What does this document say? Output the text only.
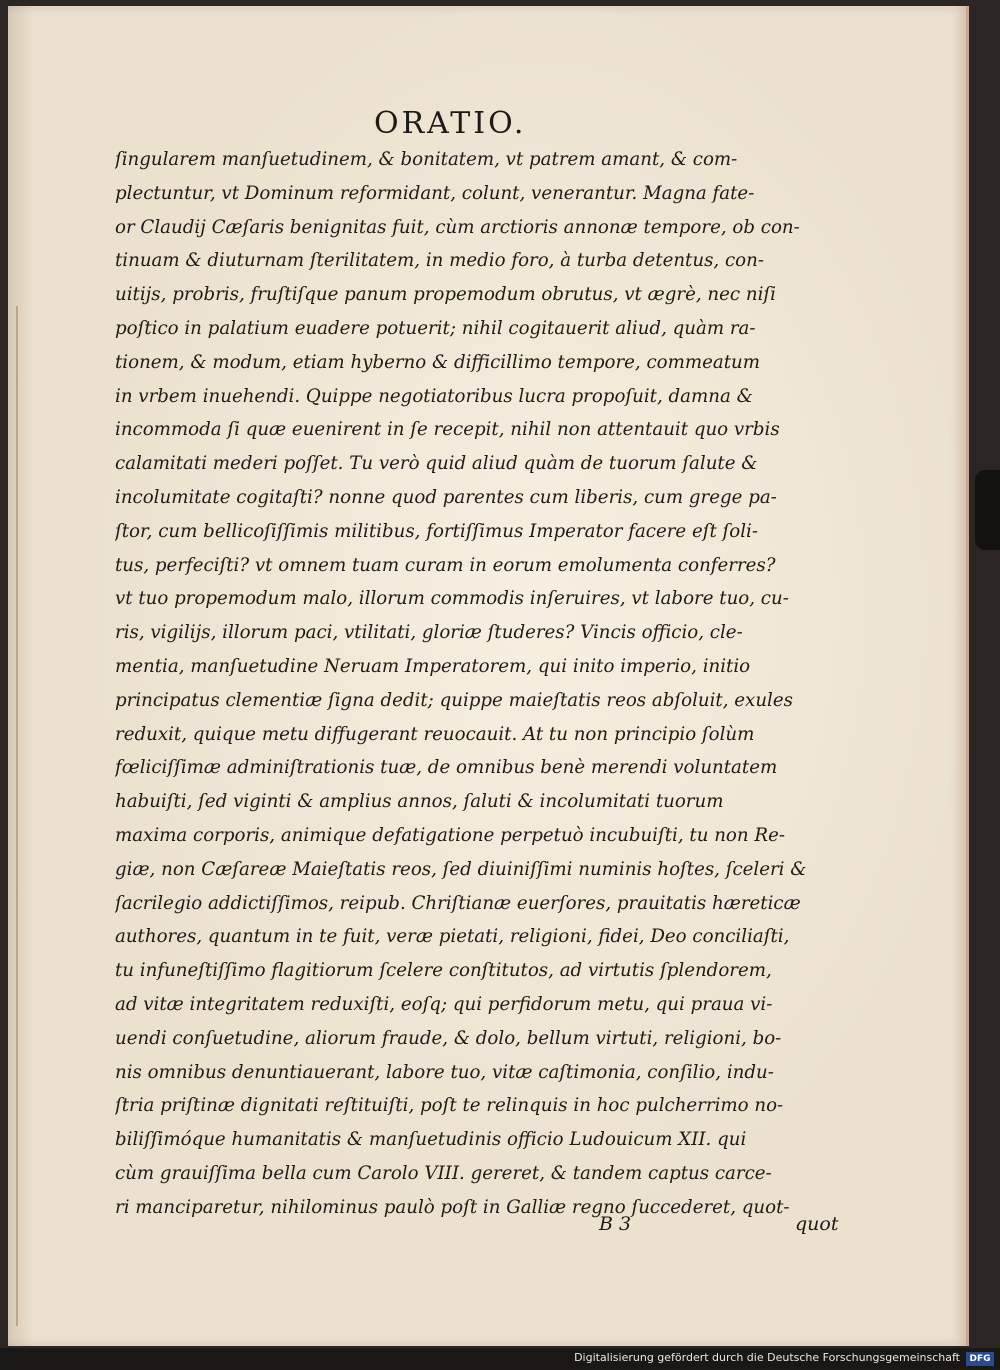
ORATIO.
ſingularem manſuetudinem, & bonitatem, vt patrem amant, & com-
plectuntur, vt Dominum reformidant, colunt, venerantur. Magna fate-
or Claudij Cæſaris benignitas fuit, cùm arctioris annonæ tempore, ob con-
tinuam & diuturnam ſterilitatem, in medio foro, à turba detentus, con-
uitijs, probris, fruſtiſque panum propemodum obrutus, vt ægrè, nec niſi
poſtico in palatium euadere potuerit; nihil cogitauerit aliud, quàm ra-
tionem, & modum, etiam hyberno & difficillimo tempore, commeatum
in vrbem inuehendi. Quippe negotiatoribus lucra propoſuit, damna &
incommoda ſi quæ euenirent in ſe recepit, nihil non attentauit quo vrbis
calamitati mederi poſſet. Tu verò quid aliud quàm de tuorum ſalute &
incolumitate cogitaſti? nonne quod parentes cum liberis, cum grege pa-
ſtor, cum bellicoſiſſimis militibus, fortiſſimus Imperator facere eſt ſoli-
tus, perfeciſti? vt omnem tuam curam in eorum emolumenta conferres?
vt tuo propemodum malo, illorum commodis inſeruires, vt labore tuo, cu-
ris, vigilijs, illorum paci, vtilitati, gloriæ ſtuderes? Vincis officio, cle-
mentia, manſuetudine Neruam Imperatorem, qui inito imperio, initio
principatus clementiæ ſigna dedit; quippe maieſtatis reos abſoluit, exules
reduxit, quique metu diffugerant reuocauit. At tu non principio ſolùm
fœliciſſimæ adminiſtrationis tuæ, de omnibus benè merendi voluntatem
habuiſti, ſed viginti & amplius annos, ſaluti & incolumitati tuorum
maxima corporis, animique defatigatione perpetuò incubuiſti, tu non Re-
giæ, non Cæſareæ Maieſtatis reos, ſed diuiniſſimi numinis hoſtes, ſceleri &
ſacrilegio addictiſſimos, reipub. Chriſtianæ euerſores, prauitatis hæreticæ
authores, quantum in te fuit, veræ pietati, religioni, fidei, Deo conciliaſti,
tu infuneſtiſſimo flagitiorum ſcelere conſtitutos, ad virtutis ſplendorem,
ad vitæ integritatem reduxiſti, eoſq; qui perfidorum metu, qui praua vi-
uendi conſuetudine, aliorum fraude, & dolo, bellum virtuti, religioni, bo-
nis omnibus denuntiauerant, labore tuo, vitæ caſtimonia, conſilio, indu-
ſtria priſtinæ dignitati reſtituiſti, poſt te relinquis in hoc pulcherrimo no-
biliſſimóque humanitatis & manſuetudinis officio Ludouicum XII. qui
cùm grauiſſima bella cum Carolo VIII. gereret, & tandem captus carce-
ri manciparetur, nihilominus paulò poſt in Galliæ regno ſuccederet, quot-
B 3	quot
Digitalisierung gefördert durch die Deutsche Forschungsgemeinschaft	DFG
